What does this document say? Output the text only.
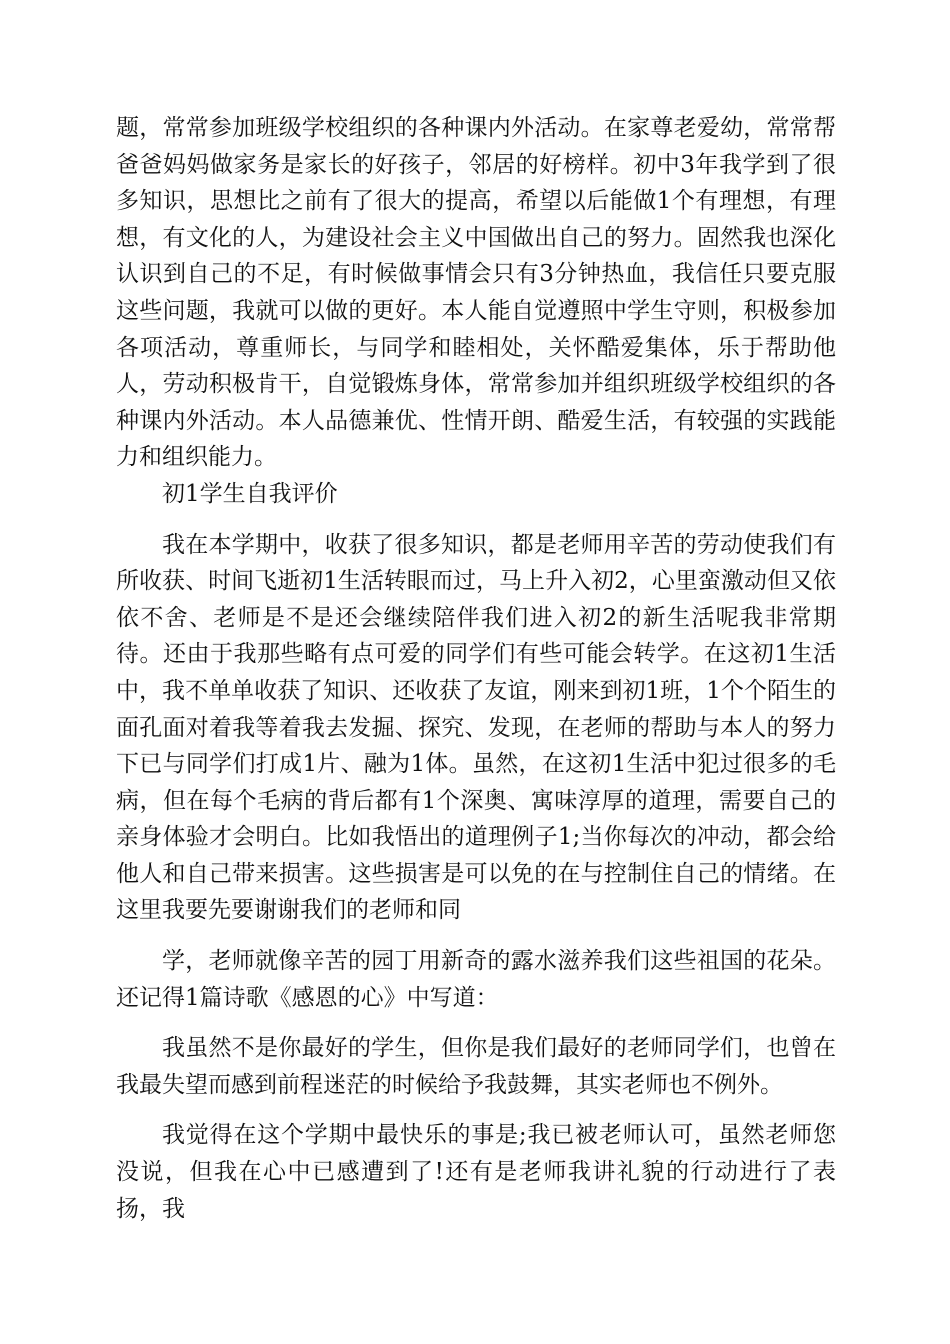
题，常常参加班级学校组织的各种课内外活动。在家尊老爱幼，常常帮爸爸妈妈做家务是家长的好孩子，邻居的好榜样。初中3年我学到了很多知识，思想比之前有了很大的提高，希望以后能做1个有理想，有理想，有文化的人，为建设社会主义中国做出自己的努力。固然我也深化认识到自己的不足，有时候做事情会只有3分钟热血，我信任只要克服这些问题，我就可以做的更好。本人能自觉遵照中学生守则，积极参加各项活动，尊重师长，与同学和睦相处，关怀酷爱集体，乐于帮助他人，劳动积极肯干，自觉锻炼身体，常常参加并组织班级学校组织的各种课内外活动。本人品德兼优、性情开朗、酷爱生活，有较强的实践能力和组织能力。

初1学生自我评价

我在本学期中，收获了很多知识，都是老师用辛苦的劳动使我们有所收获、时间飞逝初1生活转眼而过，马上升入初2，心里蛮激动但又依依不舍、老师是不是还会继续陪伴我们进入初2的新生活呢我非常期待。还由于我那些略有点可爱的同学们有些可能会转学。在这初1生活中，我不单单收获了知识、还收获了友谊，刚来到初1班，1个个陌生的面孔面对着我等着我去发掘、探究、发现，在老师的帮助与本人的努力下已与同学们打成1片、融为1体。虽然，在这初1生活中犯过很多的毛病，但在每个毛病的背后都有1个深奥、寓味淳厚的道理，需要自己的亲身体验才会明白。比如我悟出的道理例子1;当你每次的冲动，都会给他人和自己带来损害。这些损害是可以免的在与控制住自己的情绪。在这里我要先要谢谢我们的老师和同

学，老师就像辛苦的园丁用新奇的露水滋养我们这些祖国的花朵。还记得1篇诗歌《感恩的心》中写道：

我虽然不是你最好的学生，但你是我们最好的老师同学们，也曾在我最失望而感到前程迷茫的时候给予我鼓舞，其实老师也不例外。

我觉得在这个学期中最快乐的事是;我已被老师认可，虽然老师您没说，但我在心中已感遭到了!还有是老师我讲礼貌的行动进行了表扬，我
